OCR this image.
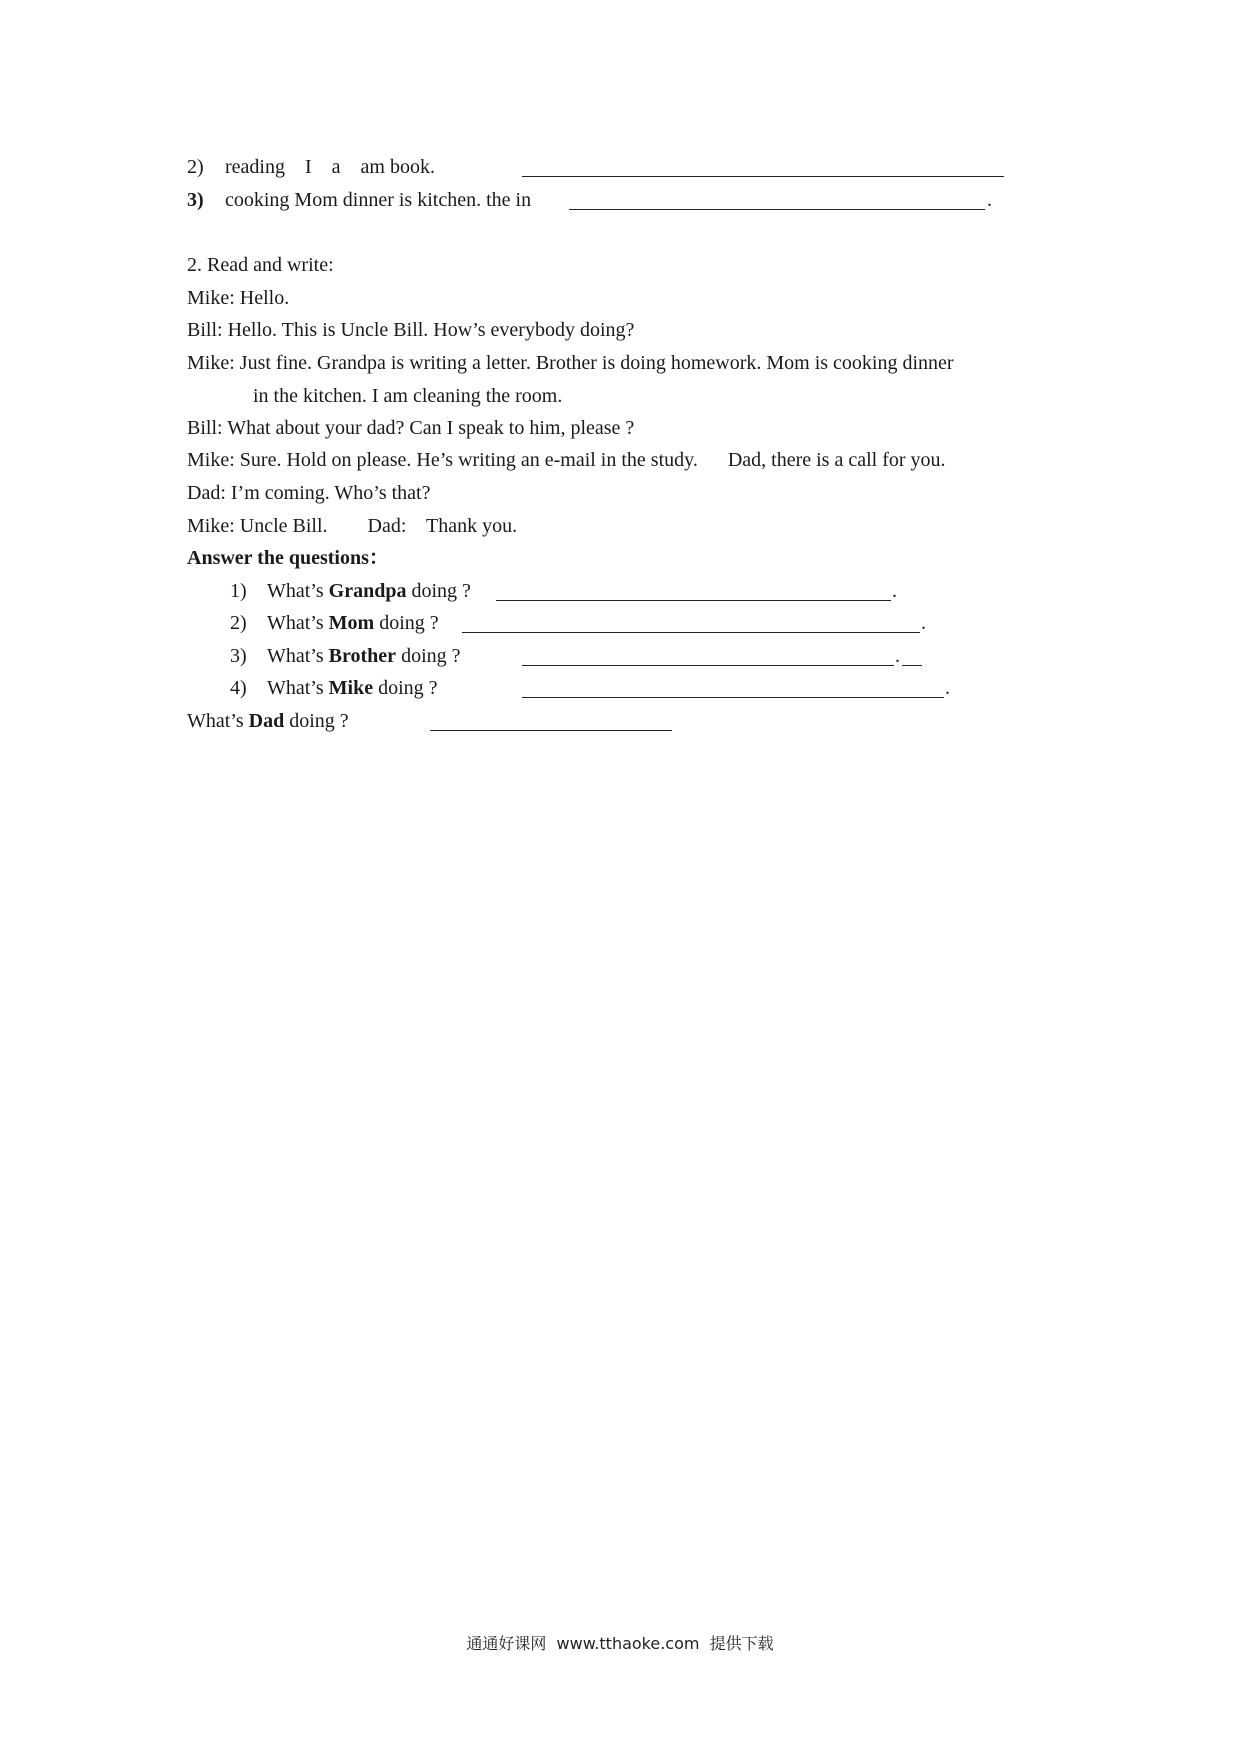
2) reading    I    a    am book.
3) cooking Mom dinner is kitchen. the in	.
2. Read and write:
Mike: Hello.
Bill: Hello. This is Uncle Bill. How’s everybody doing?
Mike: Just fine. Grandpa is writing a letter. Brother is doing homework. Mom is cooking dinner
in the kitchen. I am cleaning the room.
Bill: What about your dad? Can I speak to him, please ?
Mike: Sure. Hold on please. He’s writing an e-mail in the study.      Dad, there is a call for you.
Dad: I’m coming. Who’s that?
Mike: Uncle Bill.        Dad:    Thank you.
Answer the questions：
1) What’s Grandpa doing ?	.
2) What’s Mom doing ?	.
3) What’s Brother doing ?	.
4) What’s Mike doing ?	.
What’s Dad doing ?
通通好课网  www.tthaoke.com  提供下载
